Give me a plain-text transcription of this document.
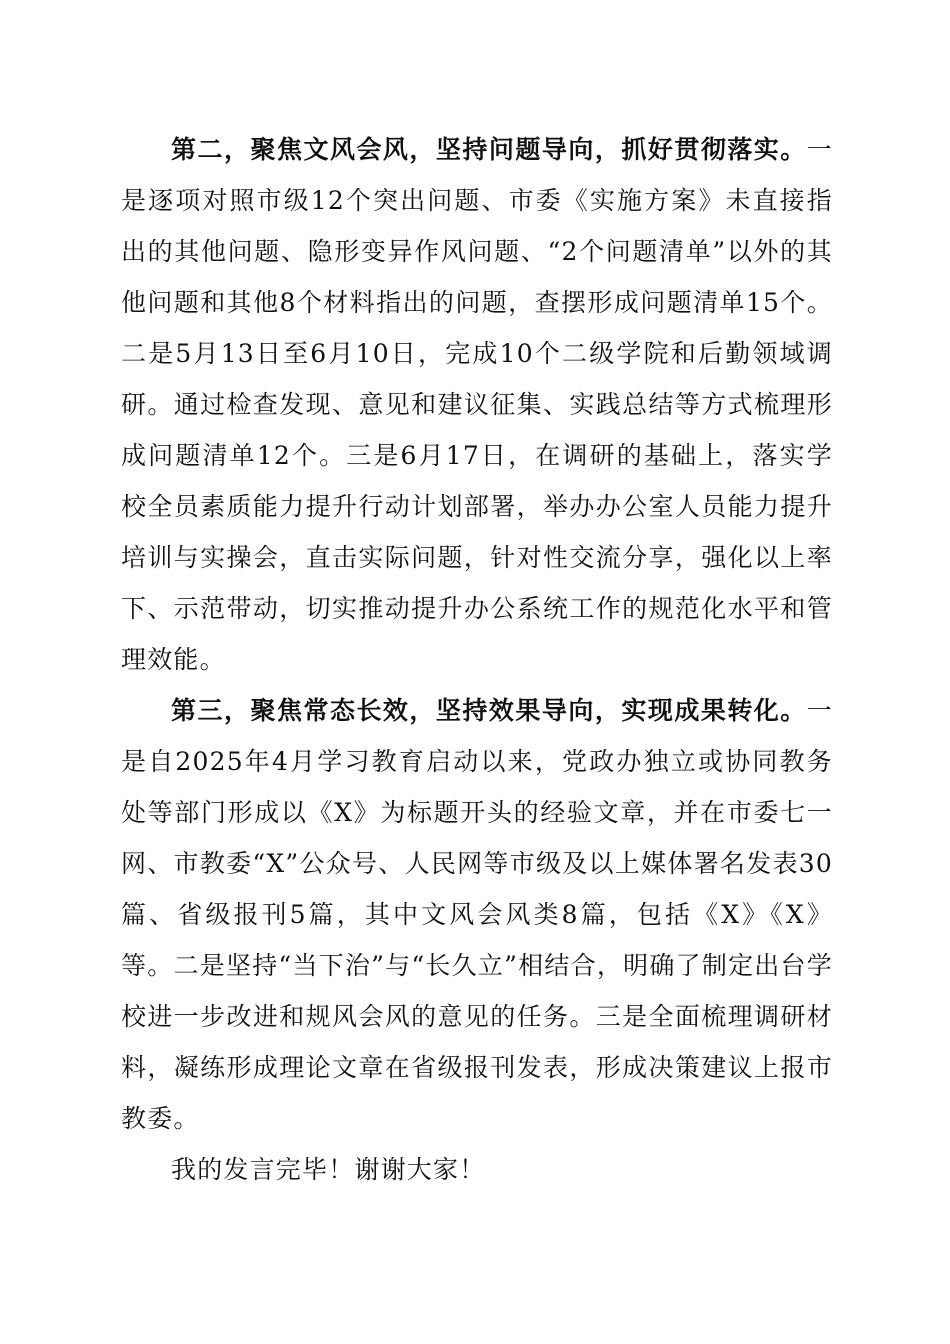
第二，聚焦文风会风，坚持问题导向，抓好贯彻落实。一是逐项对照市级12个突出问题、市委《实施方案》未直接指出的其他问题、隐形变异作风问题、“2个问题清单”以外的其他问题和其他8个材料指出的问题，查摆形成问题清单15个。二是5月13日至6月10日，完成10个二级学院和后勤领域调研。通过检查发现、意见和建议征集、实践总结等方式梳理形成问题清单12个。三是6月17日，在调研的基础上，落实学校全员素质能力提升行动计划部署，举办办公室人员能力提升培训与实操会，直击实际问题，针对性交流分享，强化以上率下、示范带动，切实推动提升办公系统工作的规范化水平和管理效能。

第三，聚焦常态长效，坚持效果导向，实现成果转化。一是自2025年4月学习教育启动以来，党政办独立或协同教务处等部门形成以《X》为标题开头的经验文章，并在市委七一网、市教委“X”公众号、人民网等市级及以上媒体署名发表30篇、省级报刊5篇，其中文风会风类8篇，包括《X》《X》等。二是坚持“当下治”与“长久立”相结合，明确了制定出台学校进一步改进和规风会风的意见的任务。三是全面梳理调研材料，凝练形成理论文章在省级报刊发表，形成决策建议上报市教委。

我的发言完毕！谢谢大家！
